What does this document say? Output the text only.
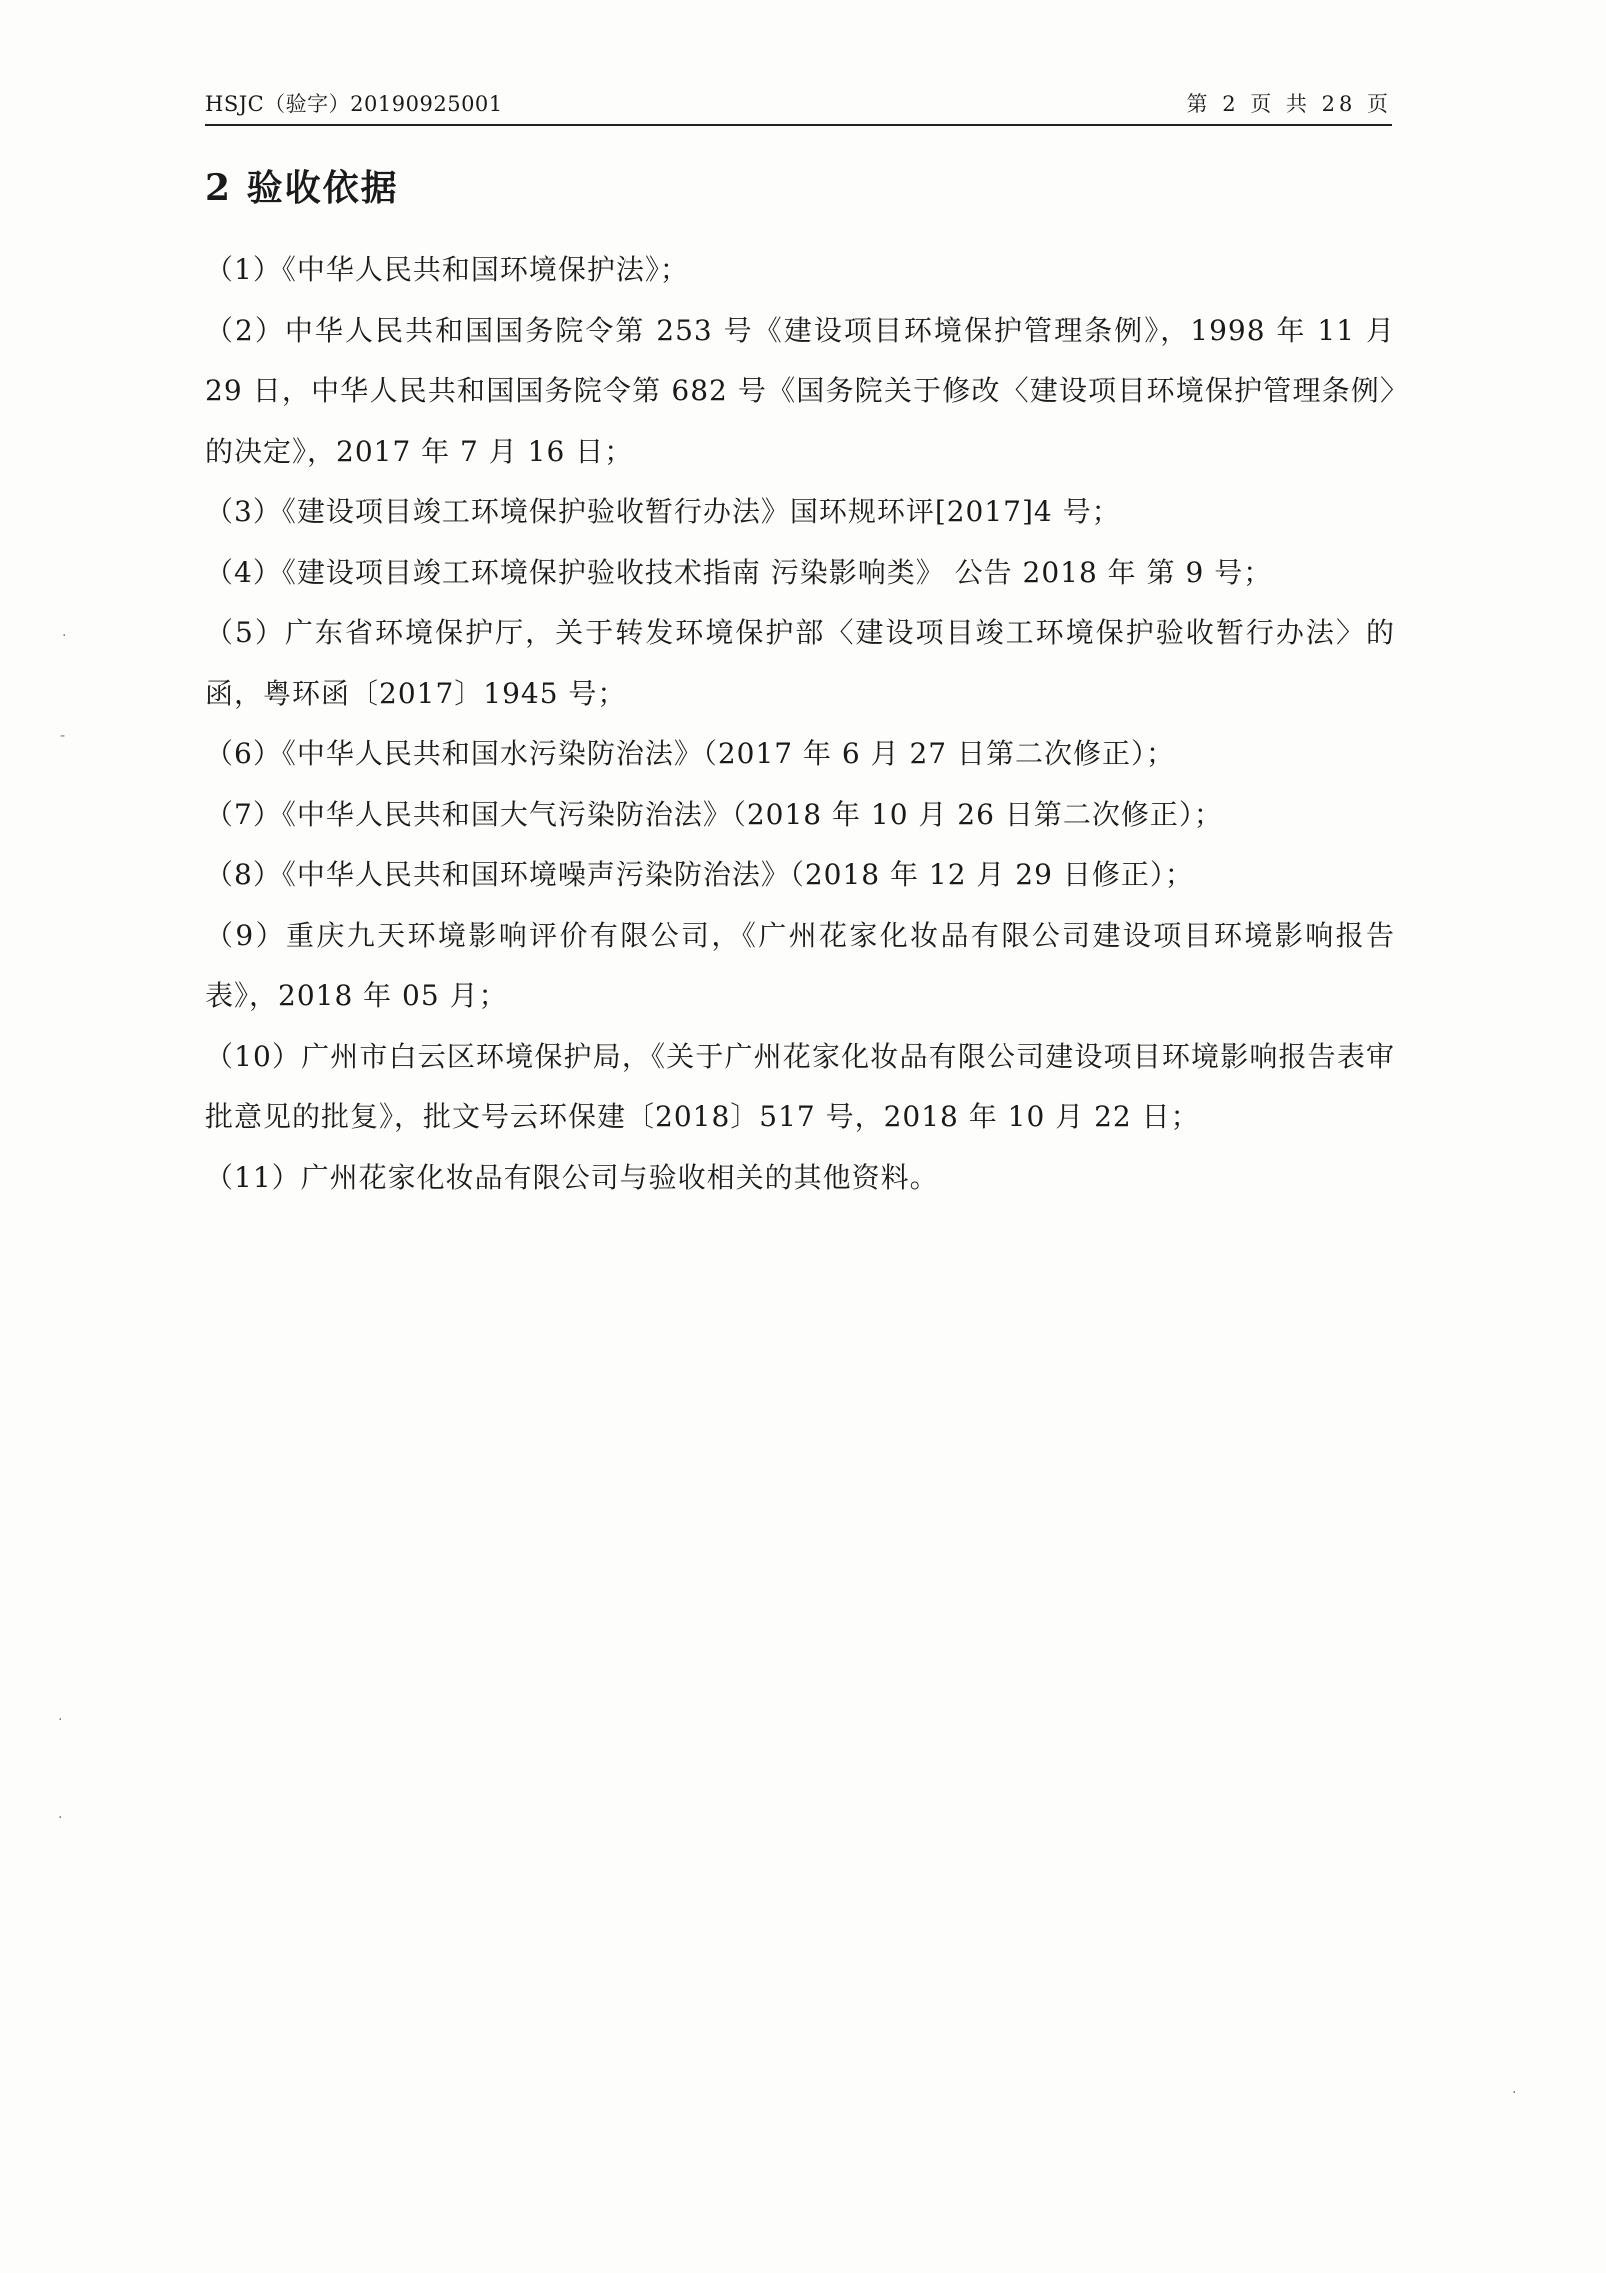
HSJC（验字）20190925001	第 2 页 共 28 页
2 验收依据
（1）《中华人民共和国环境保护法》；
（2）中华人民共和国国务院令第 253 号《建设项目环境保护管理条例》，1998 年 11 月 29 日，中华人民共和国国务院令第 682 号《国务院关于修改〈建设项目环境保护管理条例〉的决定》，2017 年 7 月 16 日；
（3）《建设项目竣工环境保护验收暂行办法》国环规环评[2017]4 号；
（4）《建设项目竣工环境保护验收技术指南 污染影响类》 公告 2018 年 第 9 号；
（5）广东省环境保护厅，关于转发环境保护部〈建设项目竣工环境保护验收暂行办法〉的函，粤环函〔2017〕1945 号；
（6）《中华人民共和国水污染防治法》（2017 年 6 月 27 日第二次修正）；
（7）《中华人民共和国大气污染防治法》（2018 年 10 月 26 日第二次修正）；
（8）《中华人民共和国环境噪声污染防治法》（2018 年 12 月 29 日修正）；
（9）重庆九天环境影响评价有限公司，《广州花家化妆品有限公司建设项目环境影响报告表》，2018 年 05 月；
（10）广州市白云区环境保护局，《关于广州花家化妆品有限公司建设项目环境影响报告表审批意见的批复》，批文号云环保建〔2018〕517 号，2018 年 10 月 22 日；
（11）广州花家化妆品有限公司与验收相关的其他资料。
·
-
·
·
·
